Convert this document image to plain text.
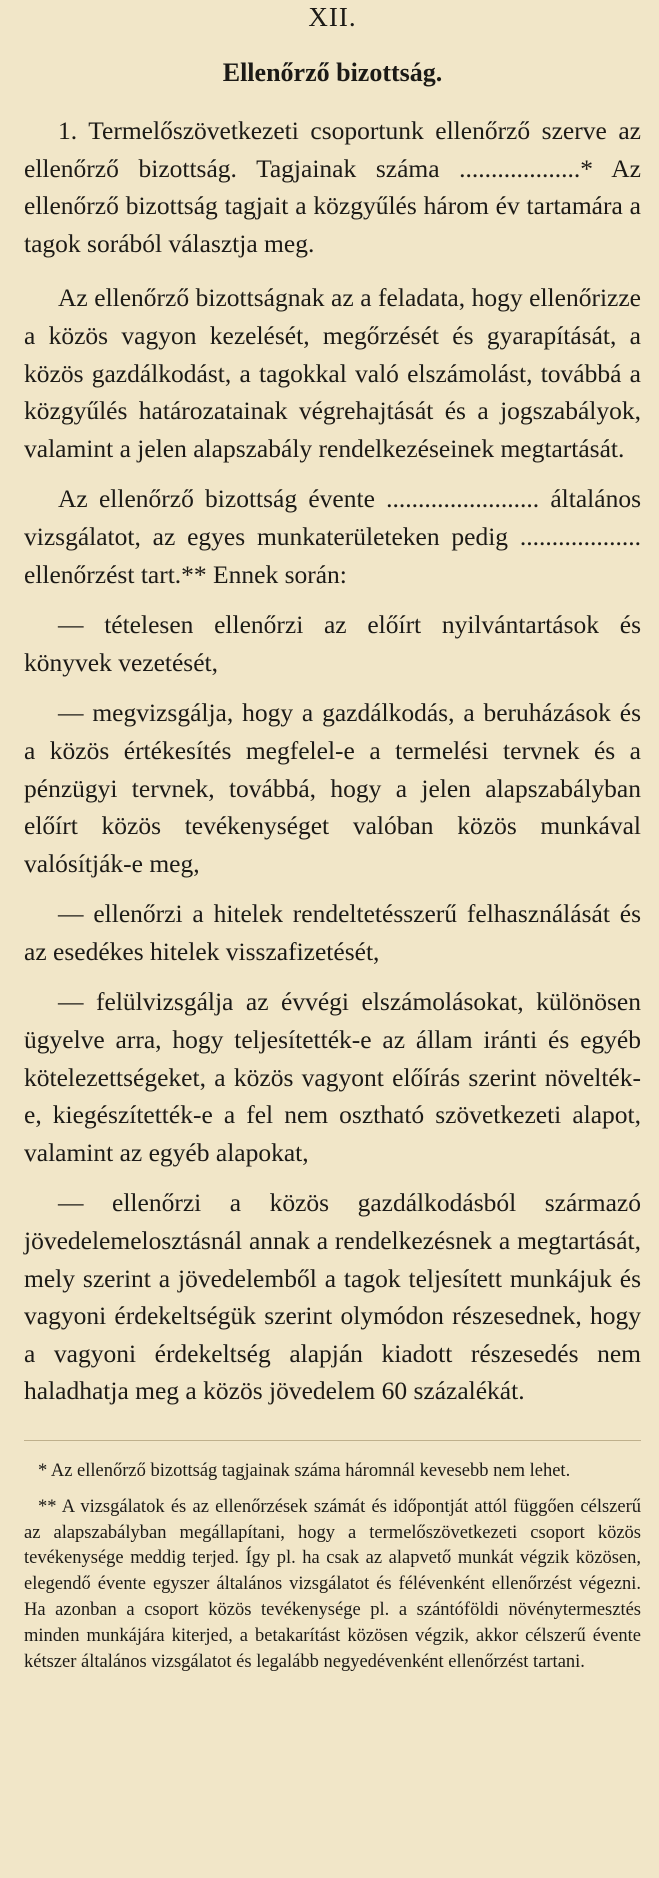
XII.
Ellenőrző bizottság.

1. Termelőszövetkezeti csoportunk ellenőrző szerve az ellenőrző bizottság. Tagjainak száma ...................* Az ellenőrző bizottság tagjait a közgyűlés három év tartamára a tagok sorából választja meg.

Az ellenőrző bizottságnak az a feladata, hogy ellenőrizze a közös vagyon kezelését, megőrzését és gyarapítását, a közös gazdálkodást, a tagokkal való elszámolást, továbbá a közgyűlés határozatainak végrehajtását és a jogszabályok, valamint a jelen alapszabály rendelkezéseinek megtartását.

Az ellenőrző bizottság évente ........................ általános vizsgálatot, az egyes munkaterületeken pedig ................... ellenőrzést tart.** Ennek során:

— tételesen ellenőrzi az előírt nyilvántartások és könyvek vezetését,

— megvizsgálja, hogy a gazdálkodás, a beruházások és a közös értékesítés megfelel-e a termelési tervnek és a pénzügyi tervnek, továbbá, hogy a jelen alapszabályban előírt közös tevékenységet valóban közös munkával valósítják-e meg,

— ellenőrzi a hitelek rendeltetésszerű felhasználását és az esedékes hitelek visszafizetését,

— felülvizsgálja az évvégi elszámolásokat, különösen ügyelve arra, hogy teljesítették-e az állam iránti és egyéb kötelezettségeket, a közös vagyont előírás szerint növelték-e, kiegészítették-e a fel nem osztható szövetkezeti alapot, valamint az egyéb alapokat,

— ellenőrzi a közös gazdálkodásból származó jövedelemelosztásnál annak a rendelkezésnek a megtartását, mely szerint a jövedelemből a tagok teljesített munkájuk és vagyoni érdekeltségük szerint olymódon részesednek, hogy a vagyoni érdekeltség alapján kiadott részesedés nem haladhatja meg a közös jövedelem 60 százalékát.

* Az ellenőrző bizottság tagjainak száma háromnál kevesebb nem lehet.

** A vizsgálatok és az ellenőrzések számát és időpontját attól függően célszerű az alapszabályban megállapítani, hogy a termelőszövetkezeti csoport közös tevékenysége meddig terjed. Így pl. ha csak az alapvető munkát végzik közösen, elegendő évente egyszer általános vizsgálatot és félévenként ellenőrzést végezni. Ha azonban a csoport közös tevékenysége pl. a szántóföldi növénytermesztés minden munkájára kiterjed, a betakarítást közösen végzik, akkor célszerű évente kétszer általános vizsgálatot és legalább negyedévenként ellenőrzést tartani.
